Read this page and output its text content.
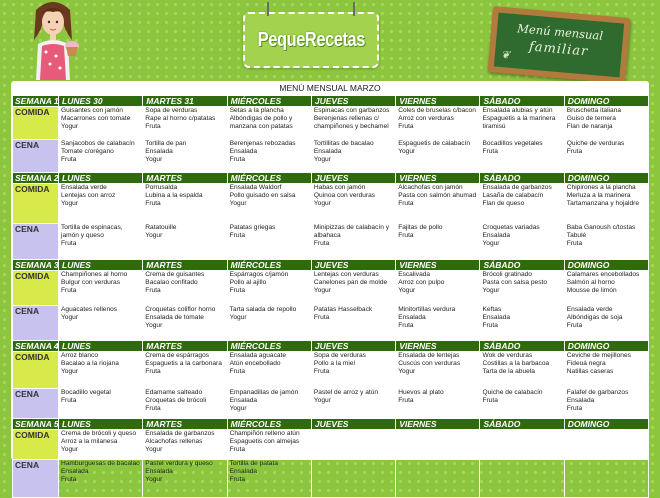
PequeRecetas	Menú mensual
familiar
❦
MENÚ MENSUAL MARZO
SEMANA 1	LUNES 30	MARTES 31	MIÉRCOLES	JUEVES	VIERNES	SÁBADO	DOMINGO
COMIDA	Guisantes con jamón
Macarrones con tomate
Yogur	Sopa de verduras
Rape al horno c/patatas
Fruta	Setas a la plancha
Albóndigas de pollo y
manzana con patatas	Espinacas con garbanzos
Berenjenas rellenas c/
champiñones y bechamel	Coles de bruselas c/bacon
Arroz con verduras
Fruta	Ensalada alubias y atún
Espaguetis a la marinera
tiramisú	Bruschetta italiana
Guiso de ternera
Flan de naranja

CENA	Sanjacobos de calabacín
Tomate c/orégano
Fruta	Tortilla de pan
Ensalada
Yogur	Berenjenas rebozadas
Ensalada
Fruta	Tortillitas de bacalao
Ensalada
Yogur	Espaguetis de calabacín
Yogur	Bocadillos vegetales
Fruta	Quiche de verduras
Fruta

SEMANA 2	LUNES	MARTES	MIÉRCOLES	JUEVES	VIERNES	SÁBADO	DOMINGO
COMIDA	Ensalada verde
Lentejas con arroz
Yogur	Porrusalda
Lubina a la espalda
Fruta	Ensalada Waldorf
Pollo guisado en salsa
Yogur	Habas con jamón
Quinoa con verduras
Yogur	Alcachofas con jamón
Pasta con salmón ahumad
Fruta	Ensalada de garbanzos
Lasaña de calabacín
Flan de queso	Chipirones a la plancha
Merluza a la marinera
Tartamanzana y hojaldre

CENA	Tortilla de espinacas,
jamón y queso
Fruta	Ratatouille
Yogur	Patatas griegas
Fruta	Minipizzas de calabacín y
albahaca
Fruta	Fajitas de pollo
Fruta	Croquetas variadas
Ensalada
Yogur	Baba Ganoush c/tostas
Tabulé
Fruta

SEMANA 3	LUNES	MARTES	MIÉRCOLES	JUEVES	VIERNES	SÁBADO	DOMINGO
COMIDA	Champiñones al horno
Bulgur con verduras
Fruta	Crema de guisantes
Bacalao confitado
Fruta	Espárragos c/jamón
Pollo al ajillo
Fruta	Lentejas con verduras
Canelones pan de molde
Yogur	Escalivada
Arroz con pulpo
Yogur	Brócoli gratinado
Pasta con salsa pesto
Yogur	Calamares encebollados
Salmón al horno
Mousse de limón

CENA	Aguacates rellenos
Yogur	Croquetas coliflor horno
Ensalada de tomate
Yogur	Tarta salada de repollo
Yogur	Patatas Hasselback
Fruta	Minitortillas verdura
Ensalada
Fruta	Keftas
Ensalada
Fruta	Ensalada verde
Albóndigas de soja
Fruta

SEMANA 4	LUNES	MARTES	MIÉRCOLES	JUEVES	VIERNES	SÁBADO	DOMINGO
COMIDA	Arroz blanco
Bacalao a la riojana
Yogur	Crema de espárragos
Espaguetis a la carbonara
Fruta	Ensalada aguacate
Atún encebollado
Fruta	Sopa de verduras
Pollo a la miel
Fruta	Ensalada de lentejas
Cuscús con verduras
Yogur	Wok de verduras
Costillas a la barbacoa
Tarta de la abuela	Ceviche de mejillones
Fideuá negra
Natillas caseras

CENA	Bocadillo vegetal
Fruta	Edamame salteado
Croquetas de brócoli
Fruta	Empanadillas de jamón
Ensalada
Yogur	Pastel de arroz y atún
Yogur	Huevos al plato
Fruta	Quiche de calabacín
Fruta	Falafel de garbanzos
Ensalada
Fruta

SEMANA 5	LUNES	MARTES	MIÉRCOLES	JUEVES	VIERNES	SÁBADO	DOMINGO
COMIDA	Crema de brócoli y queso
Arroz a la milanesa
Yogur	Ensalada de garbanzos
Alcachofas rellenas
Yogur	Champiñón relleno atún
Espaguetis con almejas
Fruta				

CENA	Hamburguesas de bacalao
Ensalada
Fruta	Pastel verdura y queso
Ensalada
Yogur	Tortilla de patata
Ensalada
Fruta				
